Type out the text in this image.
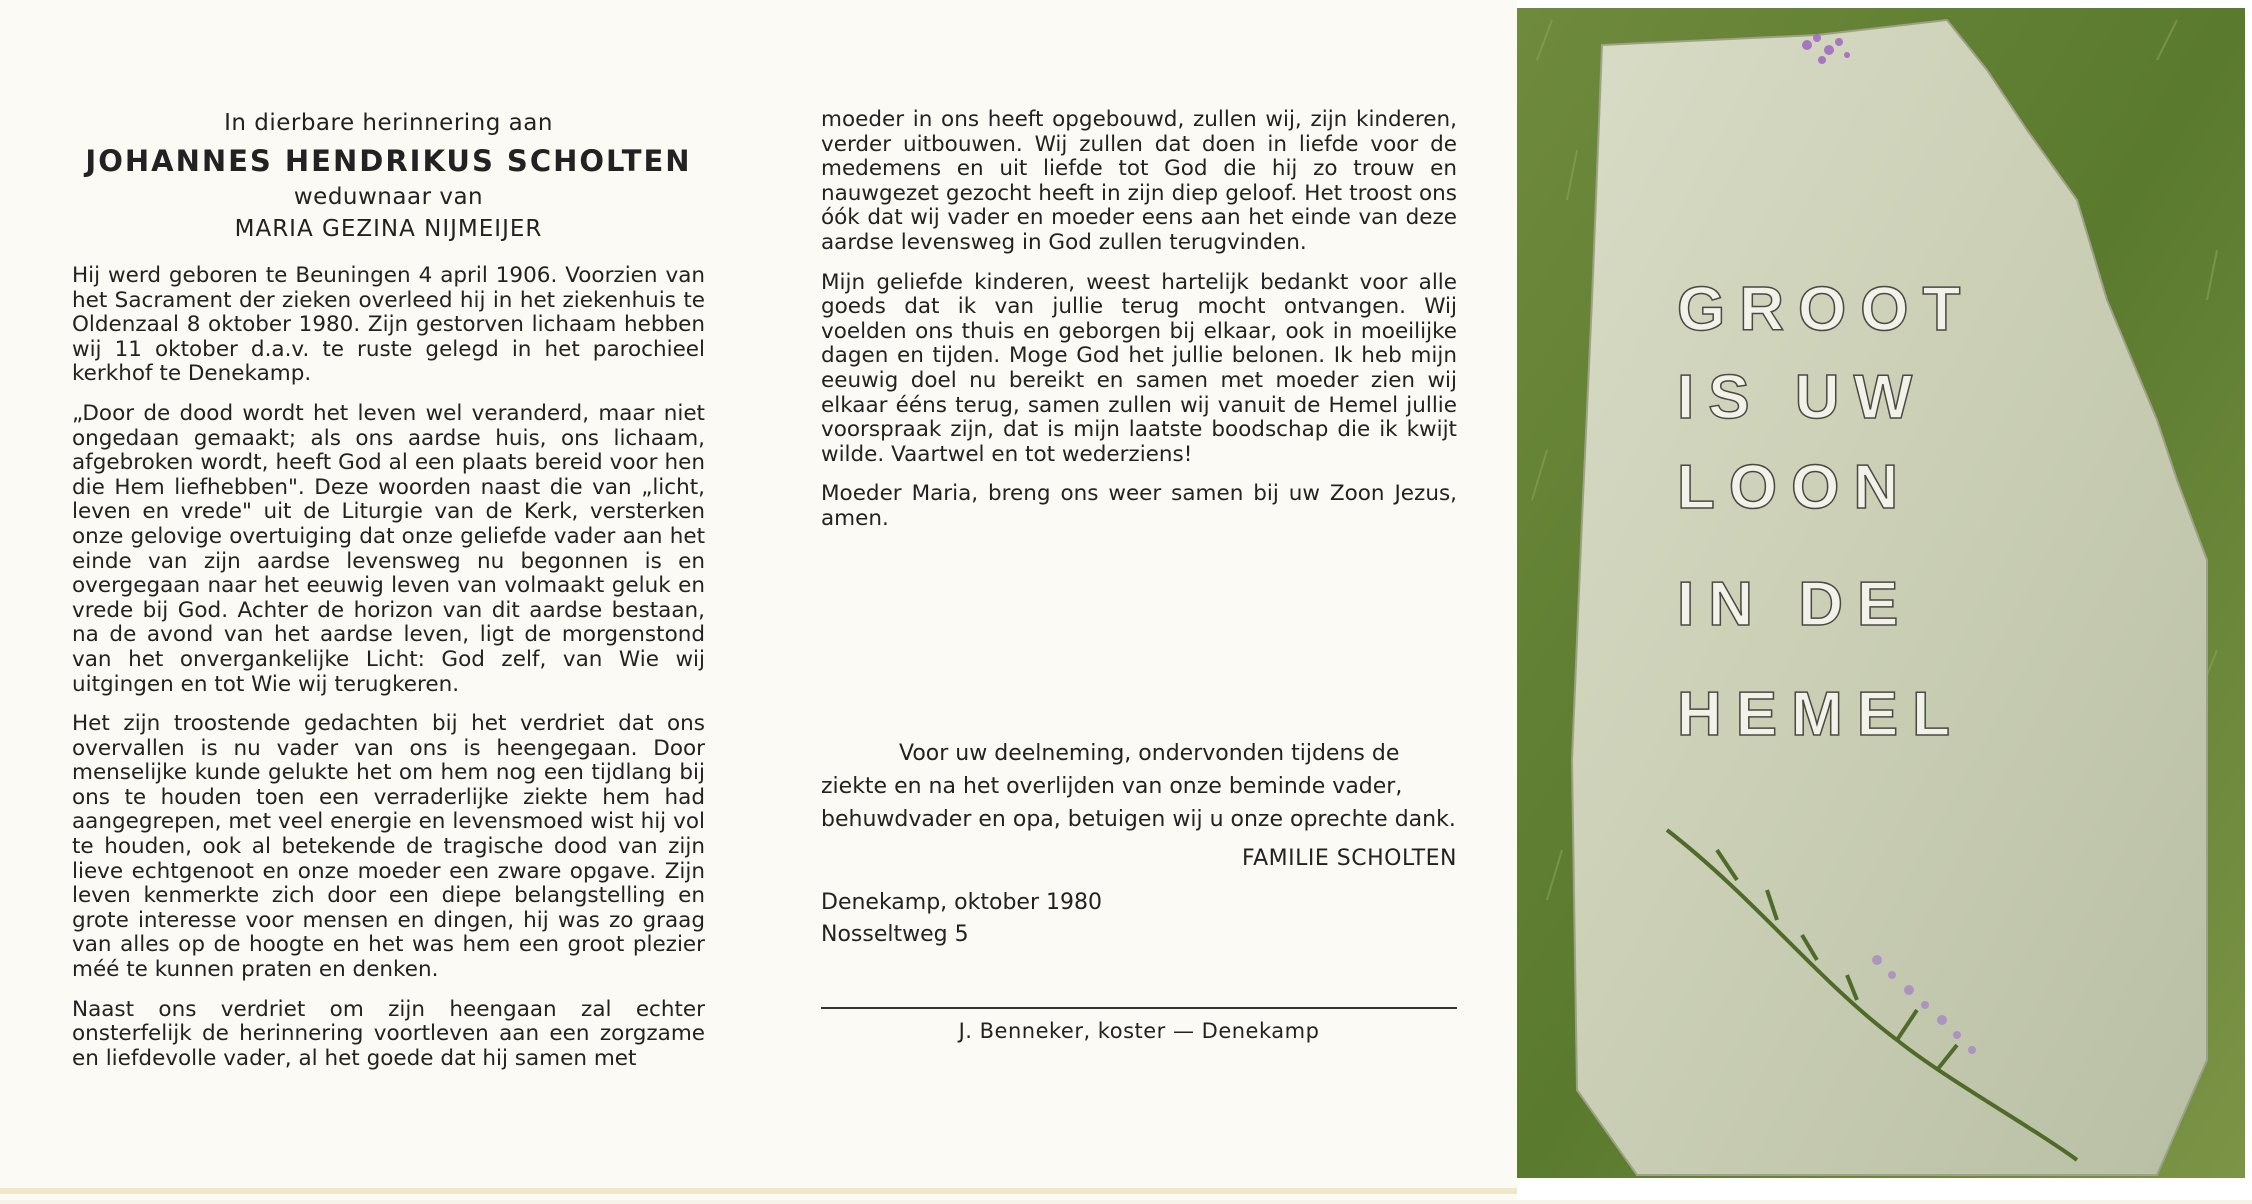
In dierbare herinnering aan
JOHANNES HENDRIKUS SCHOLTEN
weduwnaar van
MARIA GEZINA NIJMEIJER

Hij werd geboren te Beuningen 4 april 1906. Voorzien van het Sacrament der zieken overleed hij in het ziekenhuis te Oldenzaal 8 oktober 1980. Zijn gestorven lichaam hebben wij 11 oktober d.a.v. te ruste gelegd in het parochieel kerkhof te Denekamp.

„Door de dood wordt het leven wel veranderd, maar niet ongedaan gemaakt; als ons aardse huis, ons lichaam, afgebroken wordt, heeft God al een plaats bereid voor hen die Hem liefhebben". Deze woorden naast die van „licht, leven en vrede" uit de Liturgie van de Kerk, versterken onze gelovige overtuiging dat onze geliefde vader aan het einde van zijn aardse levensweg nu begonnen is en overgegaan naar het eeuwig leven van volmaakt geluk en vrede bij God. Achter de horizon van dit aardse bestaan, na de avond van het aardse leven, ligt de morgenstond van het onvergankelijke Licht: God zelf, van Wie wij uitgingen en tot Wie wij terugkeren.

Het zijn troostende gedachten bij het verdriet dat ons overvallen is nu vader van ons is heengegaan. Door menselijke kunde gelukte het om hem nog een tijdlang bij ons te houden toen een verraderlijke ziekte hem had aangegrepen, met veel energie en levensmoed wist hij vol te houden, ook al betekende de tragische dood van zijn lieve echtgenoot en onze moeder een zware opgave. Zijn leven kenmerkte zich door een diepe belangstelling en grote interesse voor mensen en dingen, hij was zo graag van alles op de hoogte en het was hem een groot plezier méé te kunnen praten en denken.

Naast ons verdriet om zijn heengaan zal echter onsterfelijk de herinnering voortleven aan een zorgzame en liefdevolle vader, al het goede dat hij samen met

moeder in ons heeft opgebouwd, zullen wij, zijn kinderen, verder uitbouwen. Wij zullen dat doen in liefde voor de medemens en uit liefde tot God die hij zo trouw en nauwgezet gezocht heeft in zijn diep geloof. Het troost ons óók dat wij vader en moeder eens aan het einde van deze aardse levensweg in God zullen terugvinden.

Mijn geliefde kinderen, weest hartelijk bedankt voor alle goeds dat ik van jullie terug mocht ontvangen. Wij voelden ons thuis en geborgen bij elkaar, ook in moeilijke dagen en tijden. Moge God het jullie belonen. Ik heb mijn eeuwig doel nu bereikt en samen met moeder zien wij elkaar ééns terug, samen zullen wij vanuit de Hemel jullie voorspraak zijn, dat is mijn laatste boodschap die ik kwijt wilde. Vaartwel en tot wederziens!

Moeder Maria, breng ons weer samen bij uw Zoon Jezus, amen.

Voor uw deelneming, ondervonden tijdens de ziekte en na het overlijden van onze beminde vader, behuwdvader en opa, betuigen wij u onze oprechte dank.

FAMILIE SCHOLTEN
Denekamp, oktober 1980
Nosseltweg 5
J. Benneker, koster — Denekamp
GROOT
IS UW
LOON
IN DE
HEMEL
